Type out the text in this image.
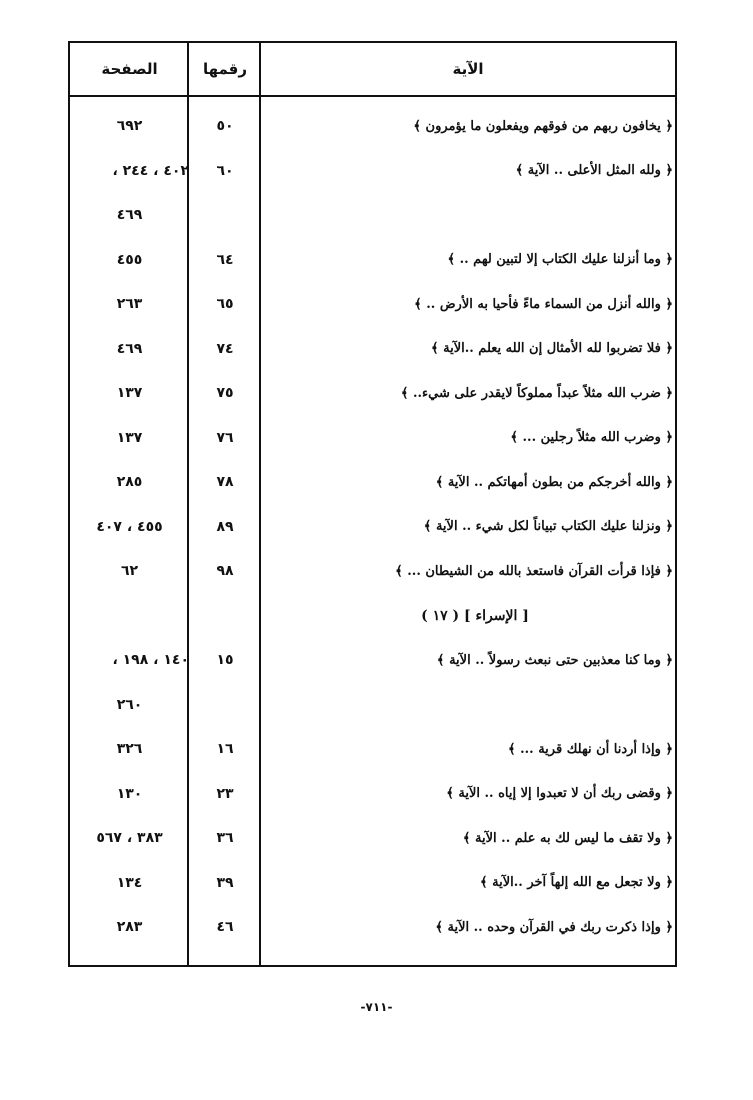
الصفحة	رقمها	الآية
﴿ يخافون ربهم من فوقهم ويفعلون ما يؤمرون ﴾
٥٠
٦٩٢
﴿ ولله المثل الأعلى .. الآية ﴾
٦٠
٤٠٢ ، ٢٤٤ ،
٤٦٩
﴿ وما أنزلنا عليك الكتاب إلا لتبين لهم .. ﴾
٦٤
٤٥٥
﴿ والله أنزل من السماء ماءً فأحيا به الأرض .. ﴾
٦٥
٢٦٣
﴿ فلا تضربوا لله الأمثال إن الله يعلم ..الآية ﴾
٧٤
٤٦٩
﴿ ضرب الله مثلاً عبداً مملوكاً لايقدر على شيء.. ﴾
٧٥
١٣٧
﴿ وضرب الله مثلاً رجلين ... ﴾
٧٦
١٣٧
﴿ والله أخرجكم من بطون أمهاتكم .. الآية ﴾
٧٨
٢٨٥
﴿ ونزلنا عليك الكتاب تبياناً لكل شيء .. الآية ﴾
٨٩
٤٥٥ ، ٤٠٧
﴿ فإذا قرأت القرآن فاستعذ بالله من الشيطان ... ﴾
٩٨
٦٢
[ الإسراء ] ( ١٧ )
﴿ وما كنا معذبين حتى نبعث رسولاً .. الآية ﴾
١٥
١٤٠ ، ١٩٨ ،
٢٦٠
﴿ وإذا أردنا أن نهلك قرية ... ﴾
١٦
٣٢٦
﴿ وقضى ربك أن لا تعبدوا إلا إياه .. الآية ﴾
٢٣
١٣٠
﴿ ولا تقف ما ليس لك به علم .. الآية ﴾
٣٦
٣٨٣ ، ٥٦٧
﴿ ولا تجعل مع الله إلهاً آخر ..الآية ﴾
٣٩
١٣٤
﴿ وإذا ذكرت ربك في القرآن وحده .. الآية ﴾
٤٦
٢٨٣
-٧١١-
